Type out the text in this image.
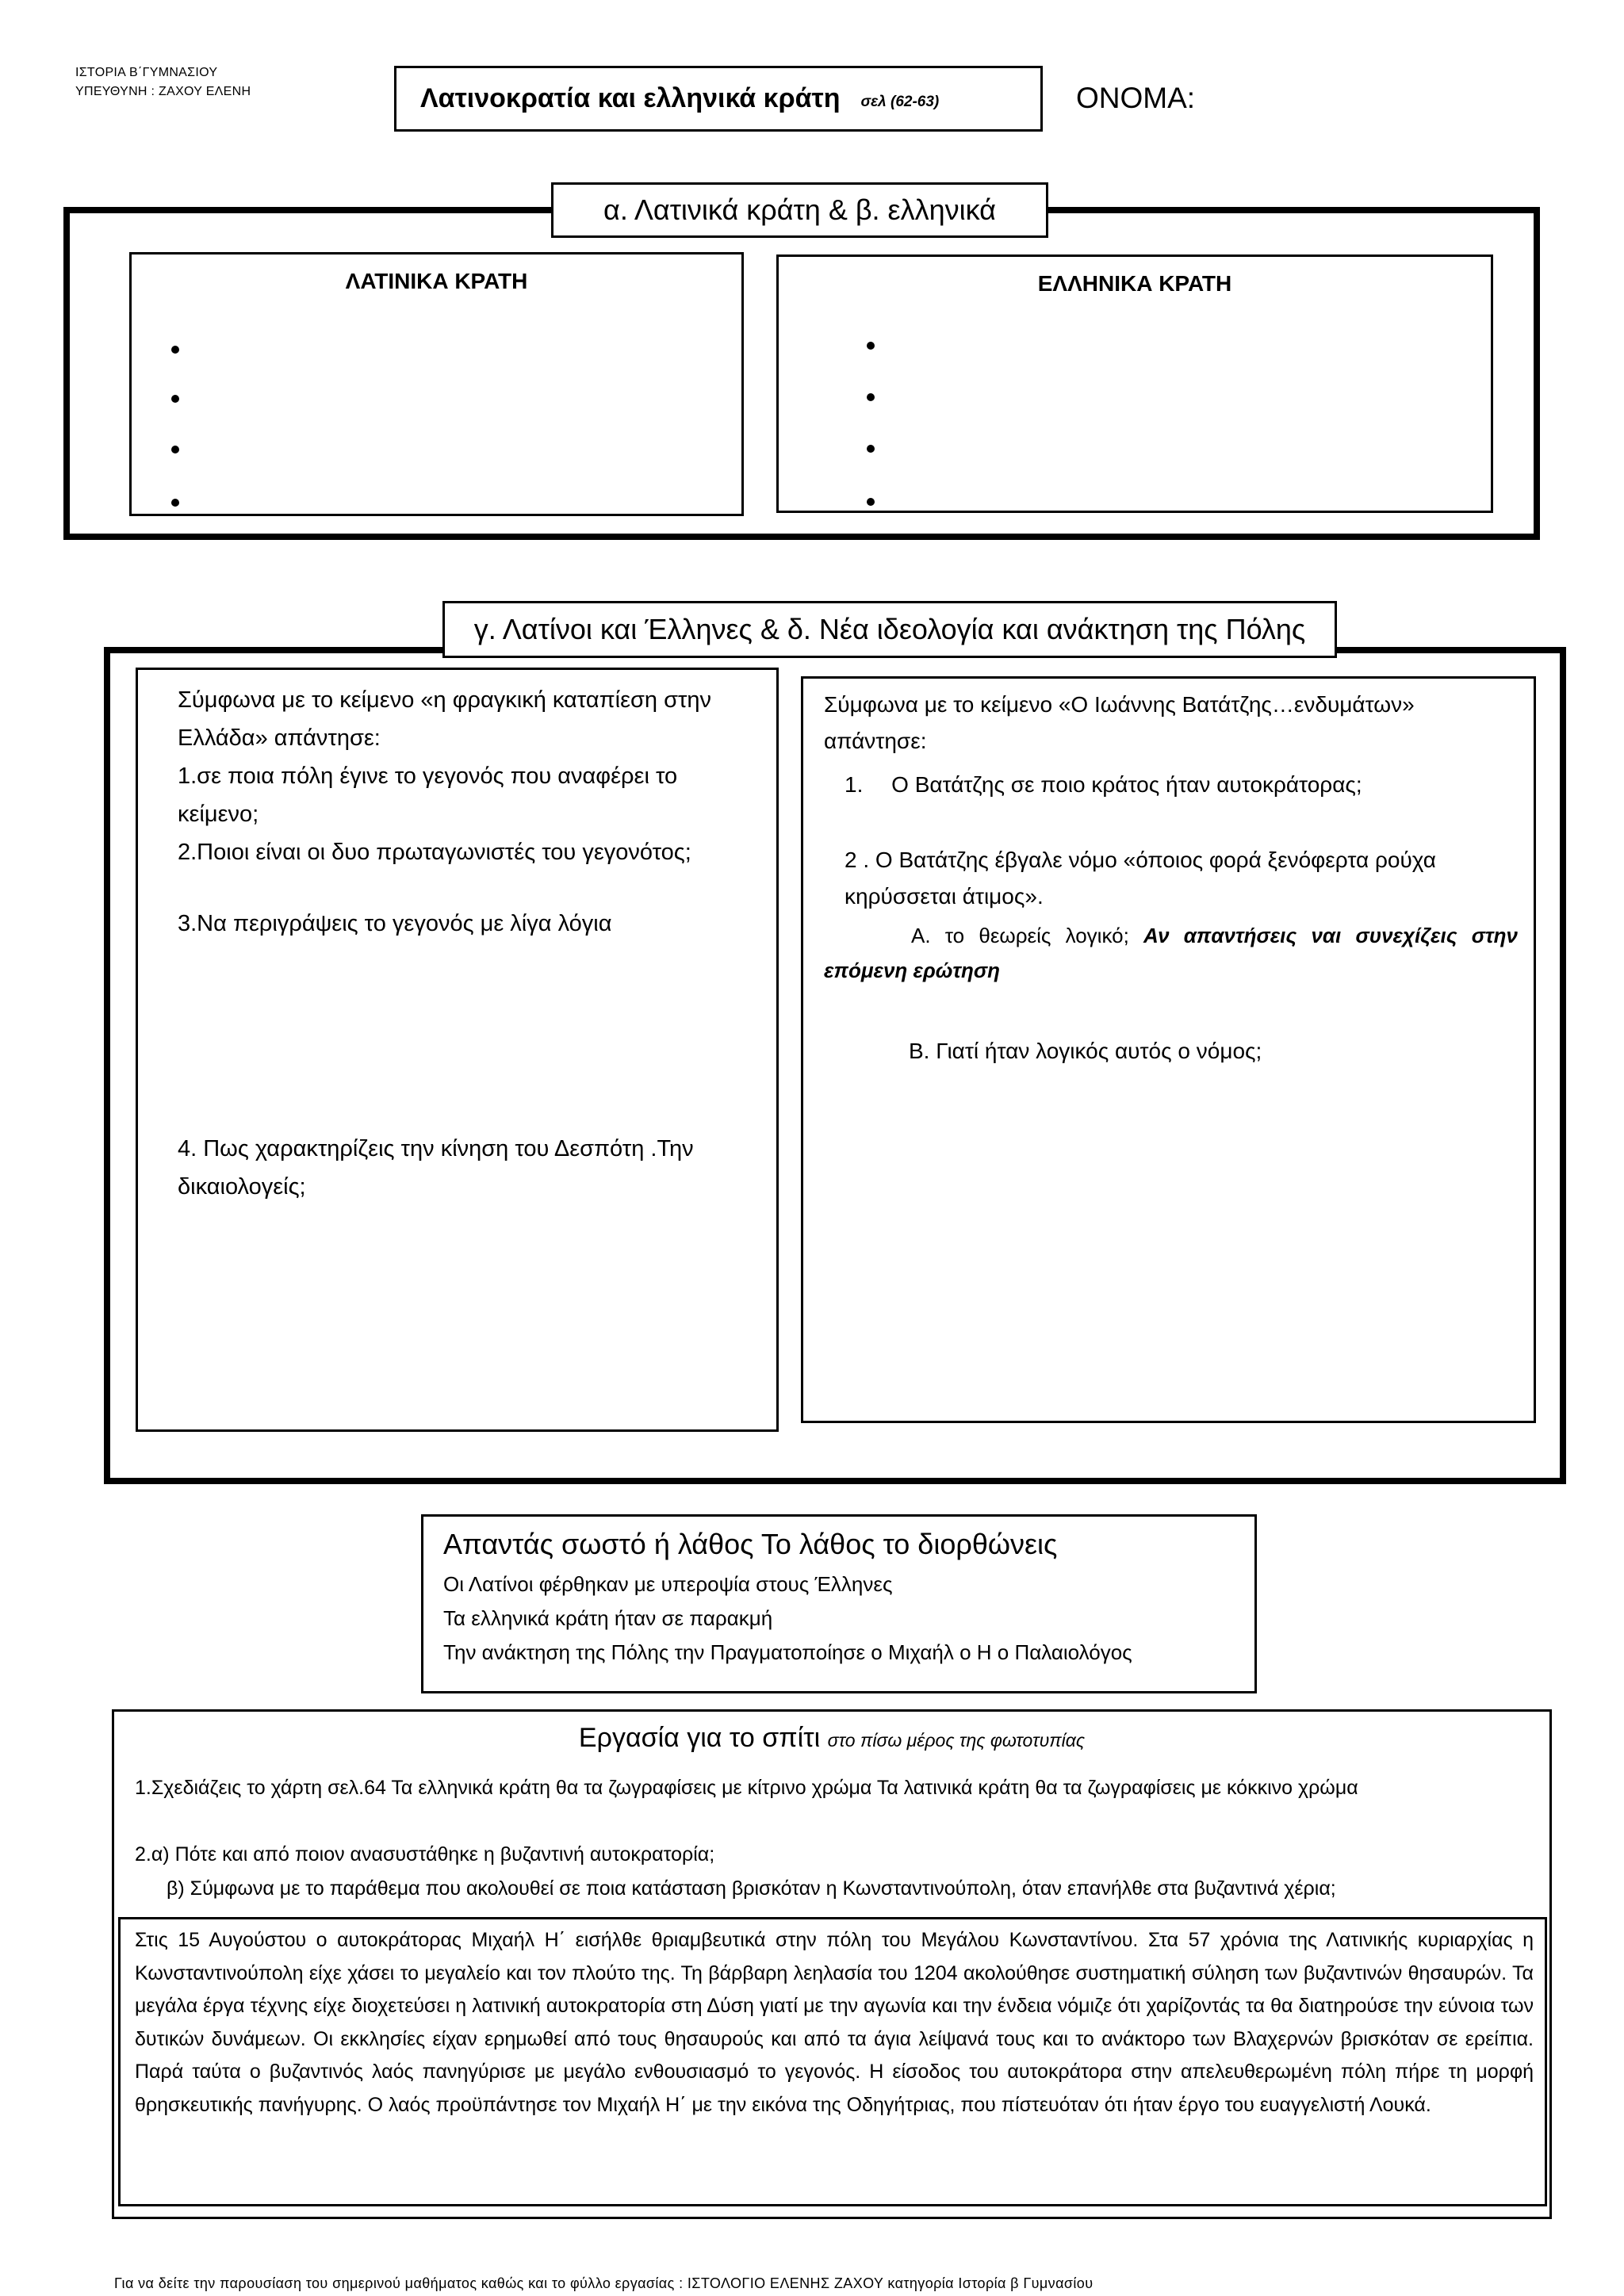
ΙΣΤΟΡΙΑ Β΄ΓΥΜΝΑΣΙΟΥ
ΥΠΕΥΘΥΝΗ : ΖΑΧΟΥ ΕΛΕΝΗ	Λατινοκρατία και ελληνικά κράτη σελ (62-63)	ΟΝΟΜΑ:
α. Λατινικά κράτη & β. ελληνικά
ΛΑΤΙΝΙΚΑ ΚΡΑΤΗ	ΕΛΛΗΝΙΚΑ ΚΡΑΤΗ
γ. Λατίνοι και Έλληνες & δ. Νέα ιδεολογία και ανάκτηση της Πόλης

Σύμφωνα με το κείμενο «η φραγκική καταπίεση στην Ελλάδα» απάντησε:

1.σε ποια πόλη έγινε το γεγονός που αναφέρει το κείμενο;

2.Ποιοι είναι οι δυο πρωταγωνιστές του γεγονότος;

3.Να περιγράψεις το γεγονός με λίγα λόγια
4. Πως χαρακτηρίζεις την κίνηση του Δεσπότη .Την δικαιολογείς;
Σύμφωνα με το κείμενο «Ο Ιωάννης Βατάτζης…ενδυμάτων» απάντησε:
1. Ο Βατάτζης σε ποιο κράτος ήταν αυτοκράτορας;
2 . Ο Βατάτζης έβγαλε νόμο «όποιος φορά ξενόφερτα ρούχα κηρύσσεται άτιμος».
Α. το θεωρείς λογικό; Αν απαντήσεις ναι συνεχίζεις στην επόμενη ερώτηση
Β. Γιατί ήταν λογικός αυτός ο νόμος;
Απαντάς σωστό ή λάθος Το λάθος το διορθώνεις
Οι Λατίνοι φέρθηκαν με υπεροψία στους Έλληνες
Τα ελληνικά κράτη ήταν σε παρακμή
Την ανάκτηση της Πόλης την Πραγματοποίησε ο Μιχαήλ ο Η ο Παλαιολόγος
Εργασία για το σπίτι στο πίσω μέρος της φωτοτυπίας
1.Σχεδιάζεις το χάρτη σελ.64 Τα ελληνικά κράτη θα τα ζωγραφίσεις με κίτρινο χρώμα Τα λατινικά κράτη θα τα ζωγραφίσεις με κόκκινο χρώμα
2.α) Πότε και από ποιον ανασυστάθηκε η βυζαντινή αυτοκρατορία;
β) Σύμφωνα με το παράθεμα που ακολουθεί σε ποια κατάσταση βρισκόταν η Κωνσταντινούπολη, όταν επανήλθε στα βυζαντινά χέρια;
Στις 15 Αυγούστου ο αυτοκράτορας Μιχαήλ Η΄ εισήλθε θριαμβευτικά στην πόλη του Μεγάλου Κωνσταντίνου. Στα 57 χρόνια της Λατινικής κυριαρχίας η Κωνσταντινούπολη είχε χάσει το μεγαλείο και τον πλούτο της. Τη βάρβαρη λεηλασία του 1204 ακολούθησε συστηματική σύληση των βυζαντινών θησαυρών. Τα μεγάλα έργα τέχνης είχε διοχετεύσει η λατινική αυτοκρατορία στη Δύση γιατί με την αγωνία και την ένδεια νόμιζε ότι χαρίζοντάς τα θα διατηρούσε την εύνοια των δυτικών δυνάμεων. Οι εκκλησίες είχαν ερημωθεί από τους θησαυρούς και από τα άγια λείψανά τους και το ανάκτορο των Βλαχερνών βρισκόταν σε ερείπια. Παρά ταύτα ο βυζαντινός λαός πανηγύρισε με μεγάλο ενθουσιασμό το γεγονός. Η είσοδος του αυτοκράτορα στην απελευθερωμένη πόλη πήρε τη μορφή θρησκευτικής πανήγυρης. Ο λαός προϋπάντησε τον Μιχαήλ Η΄ με την εικόνα της Οδηγήτριας, που πίστευόταν ότι ήταν έργο του ευαγγελιστή Λουκά.
Για να δείτε την παρουσίαση του σημερινού μαθήματος καθώς και το φύλλο εργασίας : ΙΣΤΟΛΟΓΙΟ ΕΛΕΝΗΣ ΖΑΧΟΥ κατηγορία Ιστορία β Γυμνασίου
